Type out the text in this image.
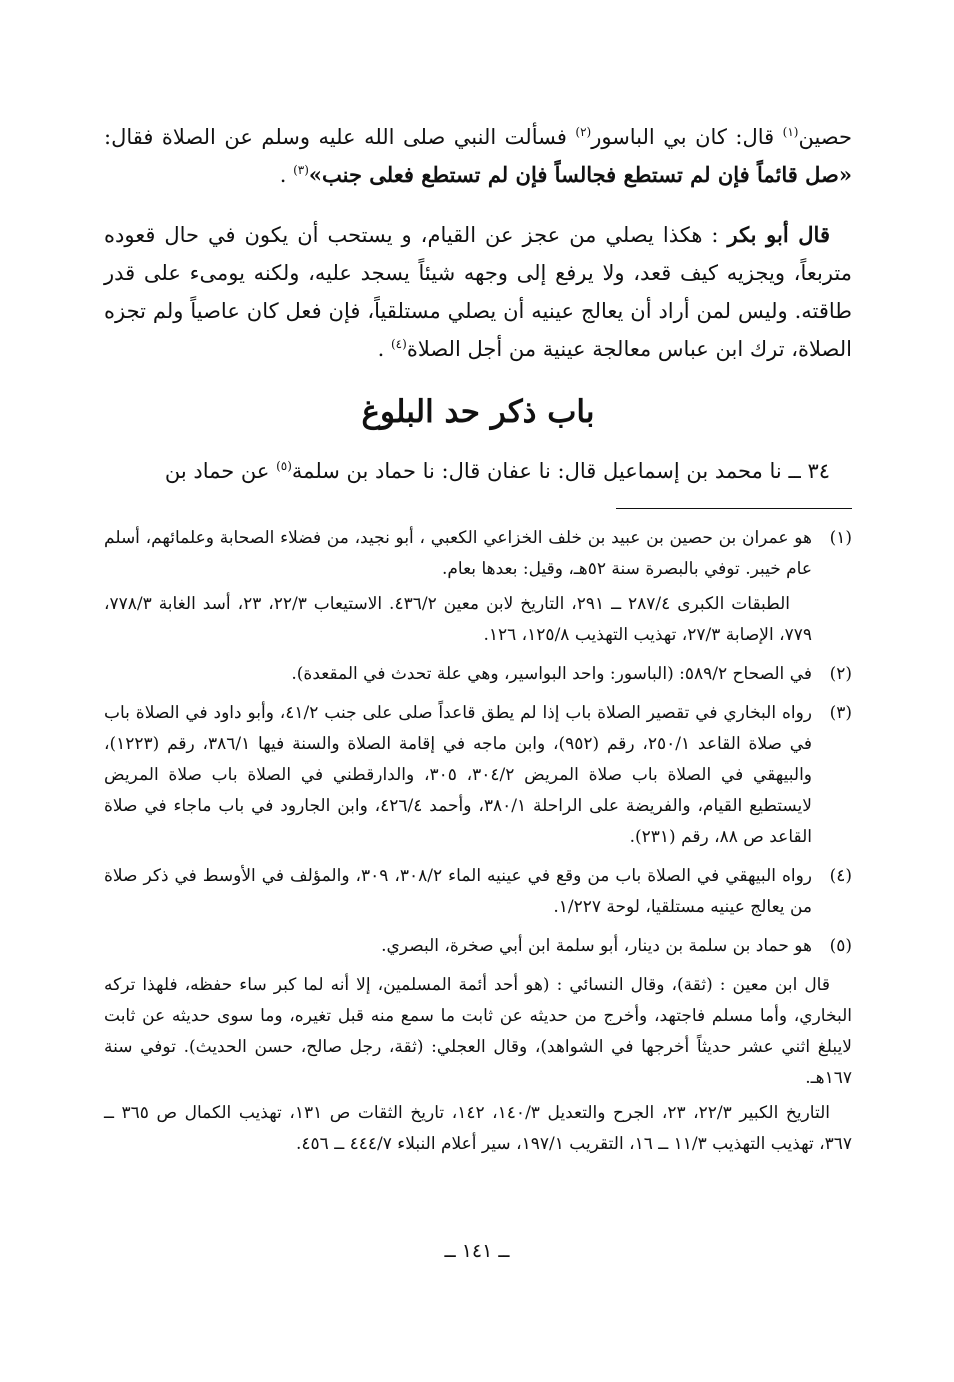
حصين$^{(١)}$ قال: كان بي الباسور$^{(٢)}$ فسألت النبي صلى الله عليه وسلم عن الصلاة فقال: «صل قائماً فإن لم تستطع فجالساً فإن لم تستطع فعلى جنب»$^{(٣)}$ .

قال أبو بكر : هكذا يصلي من عجز عن القيام، و يستحب أن يكون في حال قعوده متربعاً، ويجزيه كيف قعد، ولا يرفع إلى وجهه شيئاً يسجد عليه، ولكنه يومىء على قدر طاقته. وليس لمن أراد أن يعالج عينيه أن يصلي مستلقياً، فإن فعل كان عاصياً ولم تجزه الصلاة، ترك ابن عباس معالجة عينية من أجل الصلاة$^{(٤)}$ .

باب ذكر حد البلوغ

٣٤ ــ نا محمد بن إسماعيل قال: نا عفان قال: نا حماد بن سلمة$^{(٥)}$ عن حماد بن

(١)

هو عمران بن حصين بن عبيد بن خلف الخزاعي الكعبي ، أبو نجيد، من فضلاء الصحابة وعلمائهم، أسلم عام خيبر. توفي بالبصرة سنة ٥٢هـ، وقيل: بعدها بعام.

الطبقات الكبرى ٢٨٧/٤ ــ ٢٩١، التاريخ لابن معين ٤٣٦/٢. الاستيعاب ٢٢/٣، ٢٣، أسد الغابة ٧٧٨/٣، ٧٧٩، الإصابة ٢٧/٣، تهذيب التهذيب ١٢٥/٨، ١٢٦.

(٢)

في الصحاح ٥٨٩/٢: (الباسور: واحد البواسير، وهي علة تحدث في المقعدة).

(٣)

رواه البخاري في تقصير الصلاة باب إذا لم يطق قاعداً صلى على جنب ٤١/٢، وأبو داود في الصلاة باب في صلاة القاعد ٢٥٠/١، رقم (٩٥٢)، وابن ماجه في إقامة الصلاة والسنة فيها ٣٨٦/١، رقم (١٢٢٣)، والبيهقي في الصلاة باب صلاة المريض ٣٠٤/٢، ٣٠٥، والدارقطني في الصلاة باب صلاة المريض لايستطيع القيام، والفريضة على الراحلة ٣٨٠/١، وأحمد ٤٢٦/٤، وابن الجارود في باب ماجاء في صلاة القاعد ص ٨٨، رقم (٢٣١).

(٤)

رواه البيهقي في الصلاة باب من وقع في عينيه الماء ٣٠٨/٢، ٣٠٩، والمؤلف في الأوسط في ذكر صلاة من يعالج عينيه مستلقيا، لوحة ١/٢٢٧.

(٥)

هو حماد بن سلمة بن دينار، أبو سلمة ابن أبي صخرة، البصري.

قال ابن معين : (ثقة)، وقال النسائي : (هو أحد أئمة المسلمين، إلا أنه لما كبر ساء حفظه، فلهذا تركه البخاري، وأما مسلم فاجتهد، وأخرج من حديثه عن ثابت ما سمع منه قبل تغيره، وما سوى حديثه عن ثابت لايبلغ اثني عشر حديثاً أخرجها في الشواهد)، وقال العجلي: (ثقة، رجل صالح، حسن الحديث). توفي سنة ١٦٧هـ.

التاريخ الكبير ٢٢/٣، ٢٣، الجرح والتعديل ١٤٠/٣، ١٤٢، تاريخ الثقات ص ١٣١، تهذيب الكمال ص ٣٦٥ ــ ٣٦٧، تهذيب التهذيب ١١/٣ ــ ١٦، التقريب ١٩٧/١، سير أعلام النبلاء ٤٤٤/٧ ــ ٤٥٦.

ــ ١٤١ ــ
